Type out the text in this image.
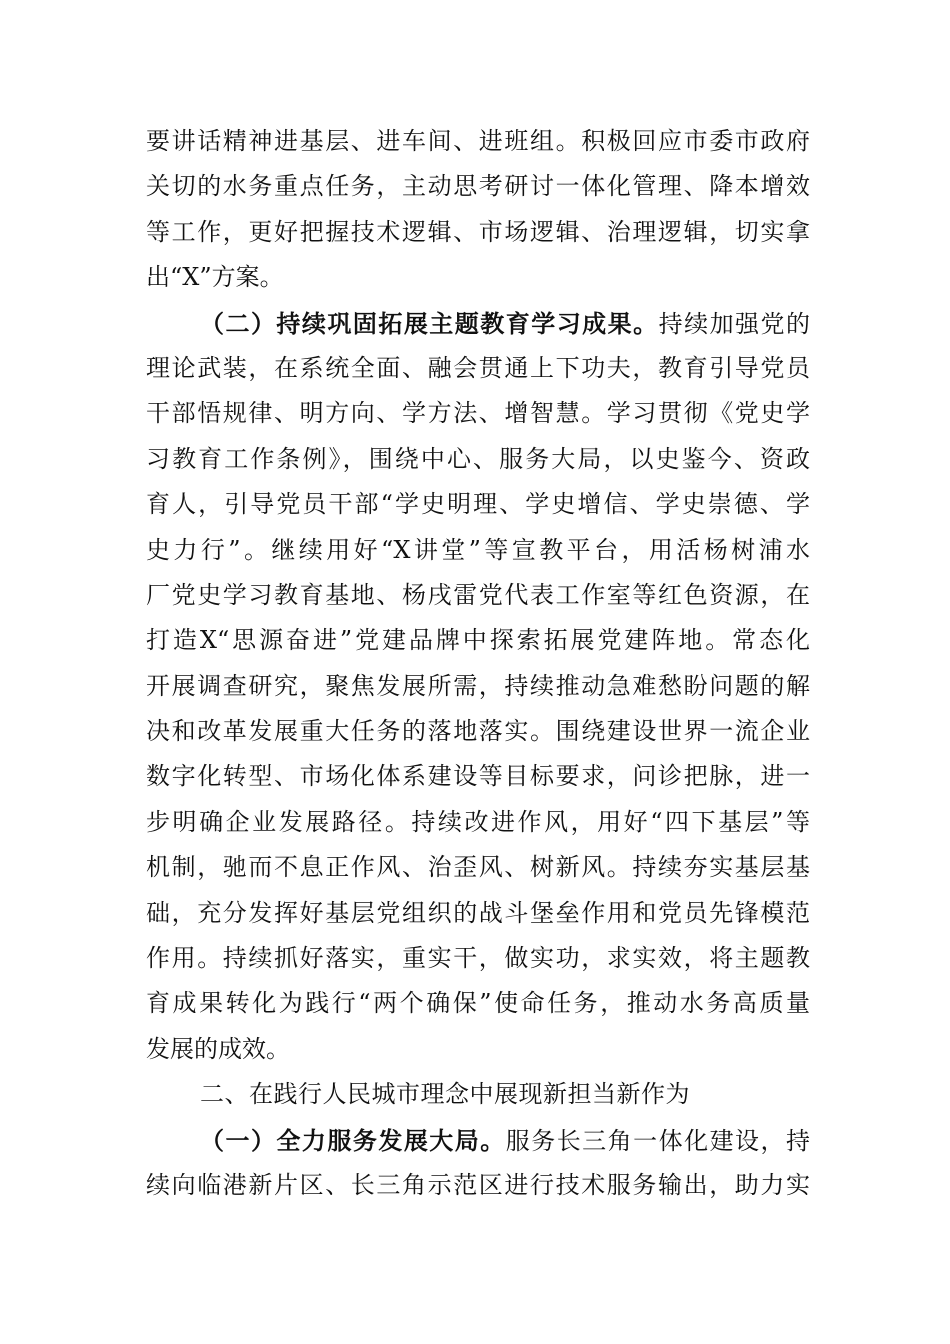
要讲话精神进基层、进车间、进班组。积极回应市委市政府
关切的水务重点任务，主动思考研讨一体化管理、降本增效
等工作，更好把握技术逻辑、市场逻辑、治理逻辑，切实拿
出“X”方案。
（二）持续巩固拓展主题教育学习成果。持续加强党的
理论武装，在系统全面、融会贯通上下功夫，教育引导党员
干部悟规律、明方向、学方法、增智慧。学习贯彻《党史学
习教育工作条例》，围绕中心、服务大局，以史鉴今、资政
育人，引导党员干部“学史明理、学史增信、学史崇德、学
史力行”。继续用好“X讲堂”等宣教平台，用活杨树浦水
厂党史学习教育基地、杨戌雷党代表工作室等红色资源，在
打造X“思源奋进”党建品牌中探索拓展党建阵地。常态化
开展调查研究，聚焦发展所需，持续推动急难愁盼问题的解
决和改革发展重大任务的落地落实。围绕建设世界一流企业
数字化转型、市场化体系建设等目标要求，问诊把脉，进一
步明确企业发展路径。持续改进作风，用好“四下基层”等
机制，驰而不息正作风、治歪风、树新风。持续夯实基层基
础，充分发挥好基层党组织的战斗堡垒作用和党员先锋模范
作用。持续抓好落实，重实干，做实功，求实效，将主题教
育成果转化为践行“两个确保”使命任务，推动水务高质量
发展的成效。
二、在践行人民城市理念中展现新担当新作为
（一）全力服务发展大局。服务长三角一体化建设，持
续向临港新片区、长三角示范区进行技术服务输出，助力实
